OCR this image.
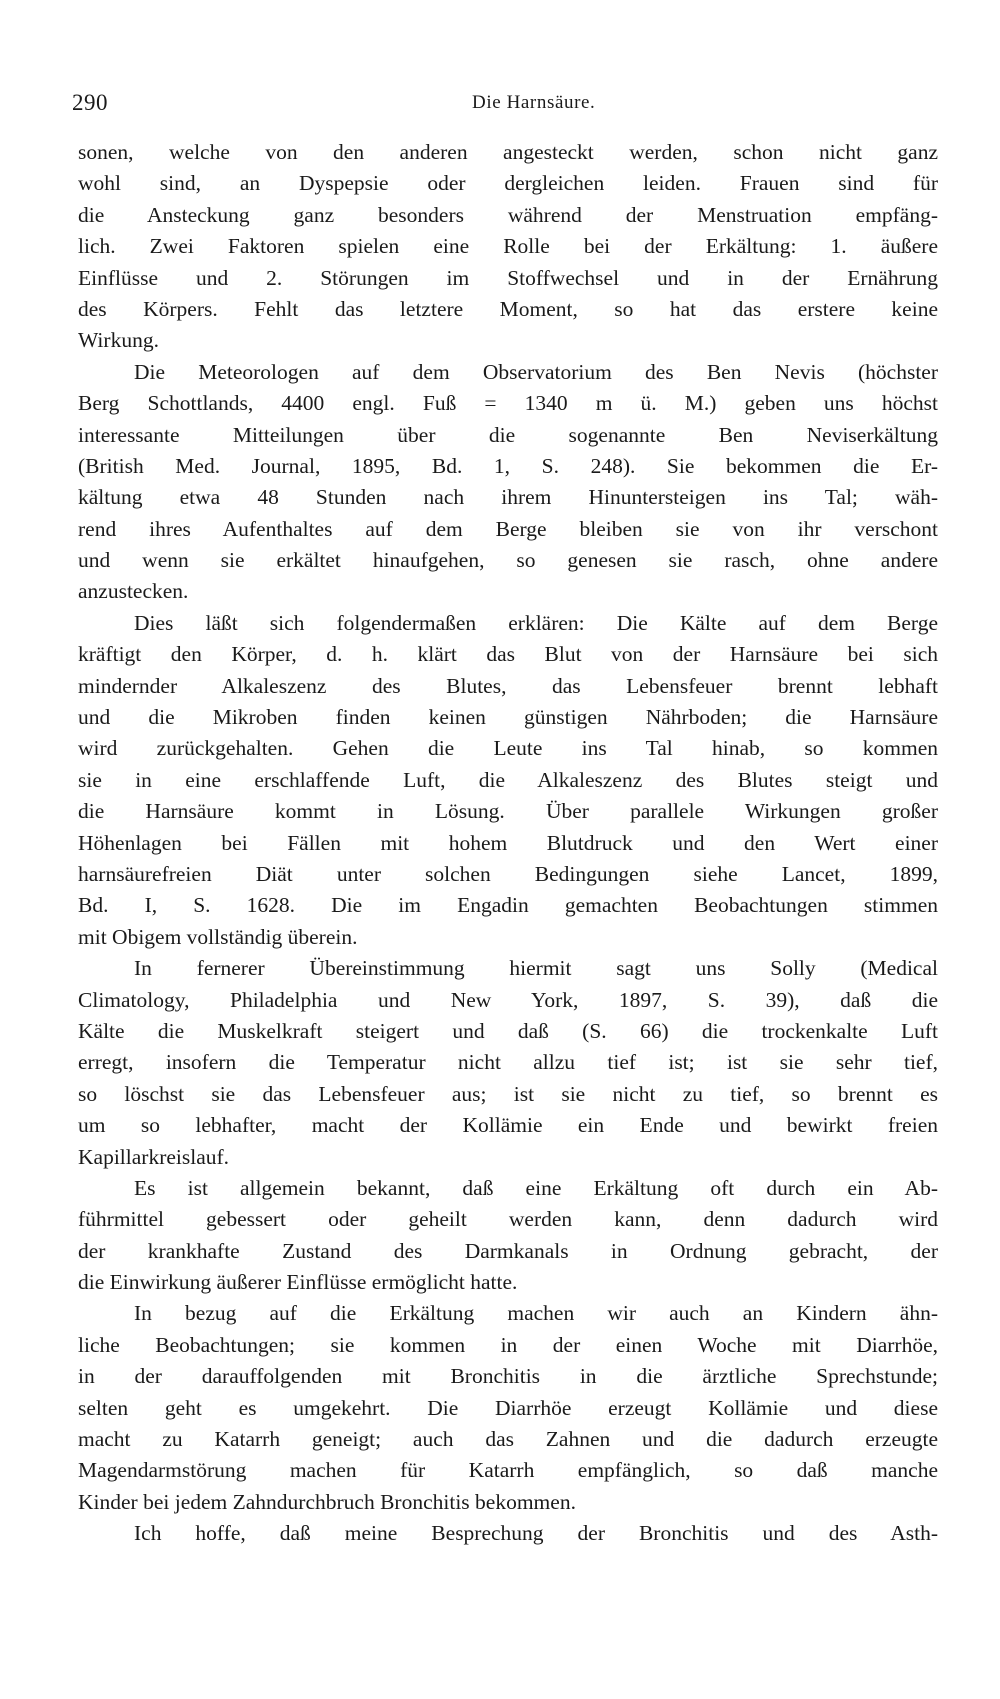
290	Die Harnsäure.
sonen, welche von den anderen angesteckt werden, schon nicht ganz
wohl sind, an Dyspepsie oder dergleichen leiden. Frauen sind für
die Ansteckung ganz besonders während der Menstruation empfäng-
lich. Zwei Faktoren spielen eine Rolle bei der Erkältung: 1. äußere
Einflüsse und 2. Störungen im Stoffwechsel und in der Ernährung
des Körpers. Fehlt das letztere Moment, so hat das erstere keine
Wirkung.
Die Meteorologen auf dem Observatorium des Ben Nevis (höchster
Berg Schottlands, 4400 engl. Fuß = 1340 m ü. M.) geben uns höchst
interessante Mitteilungen über die sogenannte Ben Neviserkältung
(British Med. Journal, 1895, Bd. 1, S. 248). Sie bekommen die Er-
kältung etwa 48 Stunden nach ihrem Hinuntersteigen ins Tal; wäh-
rend ihres Aufenthaltes auf dem Berge bleiben sie von ihr verschont
und wenn sie erkältet hinaufgehen, so genesen sie rasch, ohne andere
anzustecken.
Dies läßt sich folgendermaßen erklären: Die Kälte auf dem Berge
kräftigt den Körper, d. h. klärt das Blut von der Harnsäure bei sich
mindernder Alkaleszenz des Blutes, das Lebensfeuer brennt lebhaft
und die Mikroben finden keinen günstigen Nährboden; die Harnsäure
wird zurückgehalten. Gehen die Leute ins Tal hinab, so kommen
sie in eine erschlaffende Luft, die Alkaleszenz des Blutes steigt und
die Harnsäure kommt in Lösung. Über parallele Wirkungen großer
Höhenlagen bei Fällen mit hohem Blutdruck und den Wert einer
harnsäurefreien Diät unter solchen Bedingungen siehe Lancet, 1899,
Bd. I, S. 1628. Die im Engadin gemachten Beobachtungen stimmen
mit Obigem vollständig überein.
In fernerer Übereinstimmung hiermit sagt uns Solly (Medical
Climatology, Philadelphia und New York, 1897, S. 39), daß die
Kälte die Muskelkraft steigert und daß (S. 66) die trockenkalte Luft
erregt, insofern die Temperatur nicht allzu tief ist; ist sie sehr tief,
so löschst sie das Lebensfeuer aus; ist sie nicht zu tief, so brennt es
um so lebhafter, macht der Kollämie ein Ende und bewirkt freien
Kapillarkreislauf.
Es ist allgemein bekannt, daß eine Erkältung oft durch ein Ab-
führmittel gebessert oder geheilt werden kann, denn dadurch wird
der krankhafte Zustand des Darmkanals in Ordnung gebracht, der
die Einwirkung äußerer Einflüsse ermöglicht hatte.
In bezug auf die Erkältung machen wir auch an Kindern ähn-
liche Beobachtungen; sie kommen in der einen Woche mit Diarrhöe,
in der darauffolgenden mit Bronchitis in die ärztliche Sprechstunde;
selten geht es umgekehrt. Die Diarrhöe erzeugt Kollämie und diese
macht zu Katarrh geneigt; auch das Zahnen und die dadurch erzeugte
Magendarmstörung machen für Katarrh empfänglich, so daß manche
Kinder bei jedem Zahndurchbruch Bronchitis bekommen.
Ich hoffe, daß meine Besprechung der Bronchitis und des Asth-
